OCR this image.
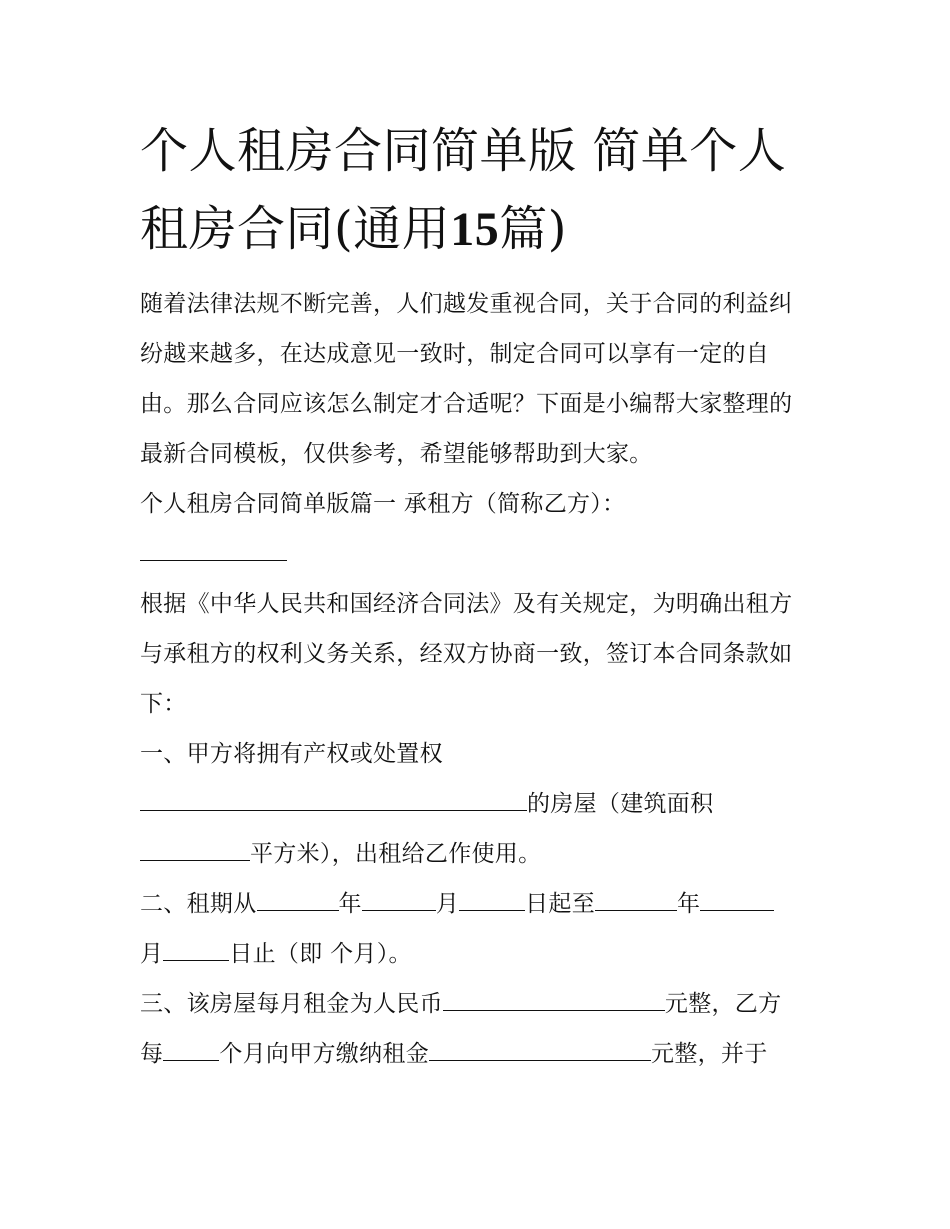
个人租房合同简单版 简单个人租房合同(通用15篇)

随着法律法规不断完善，人们越发重视合同，关于合同的利益纠纷越来越多，在达成意见一致时，制定合同可以享有一定的自由。那么合同应该怎么制定才合适呢？下面是小编帮大家整理的最新合同模板，仅供参考，希望能够帮助到大家。

个人租房合同简单版篇一 承租方（简称乙方）：

根据《中华人民共和国经济合同法》及有关规定，为明确出租方与承租方的权利义务关系，经双方协商一致，签订本合同条款如下：

一、甲方将拥有产权或处置权

的房屋（建筑面积

平方米），出租给乙作使用。

二、租期从	年	月	日起至	年

月	日止（即 个月）。

三、该房屋每月租金为人民币	元整，乙方

每 个月向甲方缴纳租金	元整，并于
